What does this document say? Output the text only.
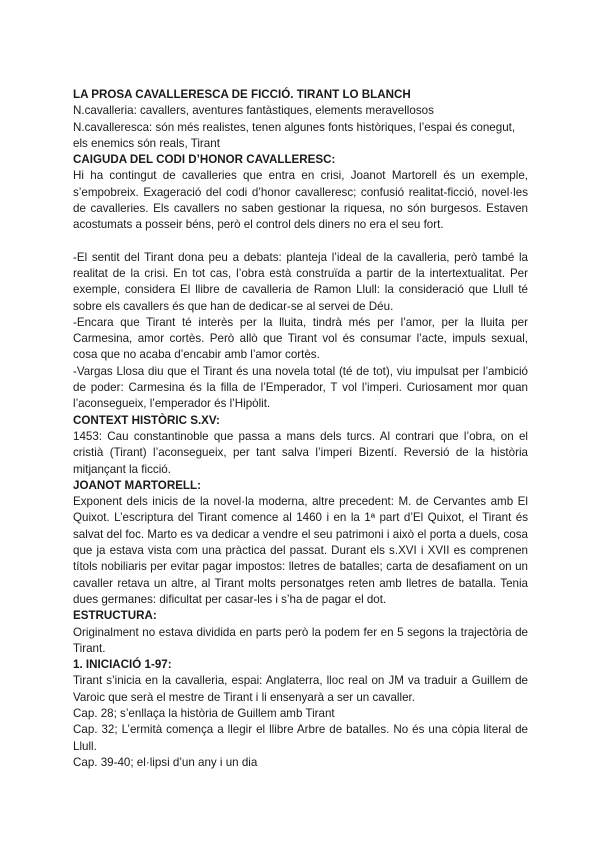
LA PROSA CAVALLERESCA DE FICCIÓ. TIRANT LO BLANCH

N.cavalleria: cavallers, aventures fantàstiques, elements meravellosos

N.cavalleresca: són més realistes, tenen algunes fonts històriques, l’espai és conegut, els enemics són reals, Tirant

CAIGUDA DEL CODI D’HONOR CAVALLERESC:

Hi ha contingut de cavalleries que entra en crisi, Joanot Martorell és un exemple, s’empobreix. Exageració del codi d’honor cavalleresc; confusió realitat-ficció, novel·les de cavalleries. Els cavallers no saben gestionar la riquesa, no són burgesos. Estaven acostumats a posseir béns, però el control dels diners no era el seu fort.

-El sentit del Tirant dona peu a debats: planteja l’ideal de la cavalleria, però també la realitat de la crisi. En tot cas, l’obra està construïda a partir de la intertextualitat. Per exemple, considera El llibre de cavalleria de Ramon Llull: la consideració que Llull té sobre els cavallers és que han de dedicar-se al servei de Déu.

-Encara que Tirant té interès per la lluita, tindrà més per l’amor, per la lluita per Carmesina, amor cortès. Però allò que Tirant vol és consumar l’acte, impuls sexual, cosa que no acaba d’encabir amb l’amor cortès.

-Vargas Llosa diu que el Tirant és una novela total (té de tot), viu impulsat per l’ambició de poder: Carmesina és la filla de l’Emperador, T vol l’imperi. Curiosament mor quan l’aconsegueix, l’emperador és l’Hipòlit.

CONTEXT HISTÒRIC S.XV:

1453: Cau constantinoble que passa a mans dels turcs. Al contrari que l’obra, on el cristià (Tirant) l’aconsegueix, per tant salva l’imperi Bizentí. Reversió de la història mitjançant la ficció.

JOANOT MARTORELL:

Exponent dels inicis de la novel·la moderna, altre precedent: M. de Cervantes amb El Quixot. L’escriptura del Tirant comence al 1460 i en la 1ª part d’El Quixot, el Tirant és salvat del foc. Marto es va dedicar a vendre el seu patrimoni i això el porta a duels, cosa que ja estava vista com una pràctica del passat. Durant els s.XVI i XVII es comprenen títols nobiliaris per evitar pagar impostos: lletres de batalles; carta de desafiament on un cavaller retava un altre, al Tirant molts personatges reten amb lletres de batalla. Tenia dues germanes: dificultat per casar-les i s’ha de pagar el dot.

ESTRUCTURA:

Originalment no estava dividida en parts però la podem fer en 5 segons la trajectòria de Tirant.

1. INICIACIÓ 1-97:

Tirant s’inicia en la cavalleria, espai: Anglaterra, lloc real on JM va traduir a Guillem de Varoic que serà el mestre de Tirant i li ensenyarà a ser un cavaller.

Cap. 28; s’enllaça la història de Guillem amb Tirant

Cap. 32; L’ermità comença a llegir el llibre Arbre de batalles. No és una còpia literal de Llull.

Cap. 39-40; el·lipsi d’un any i un dia
